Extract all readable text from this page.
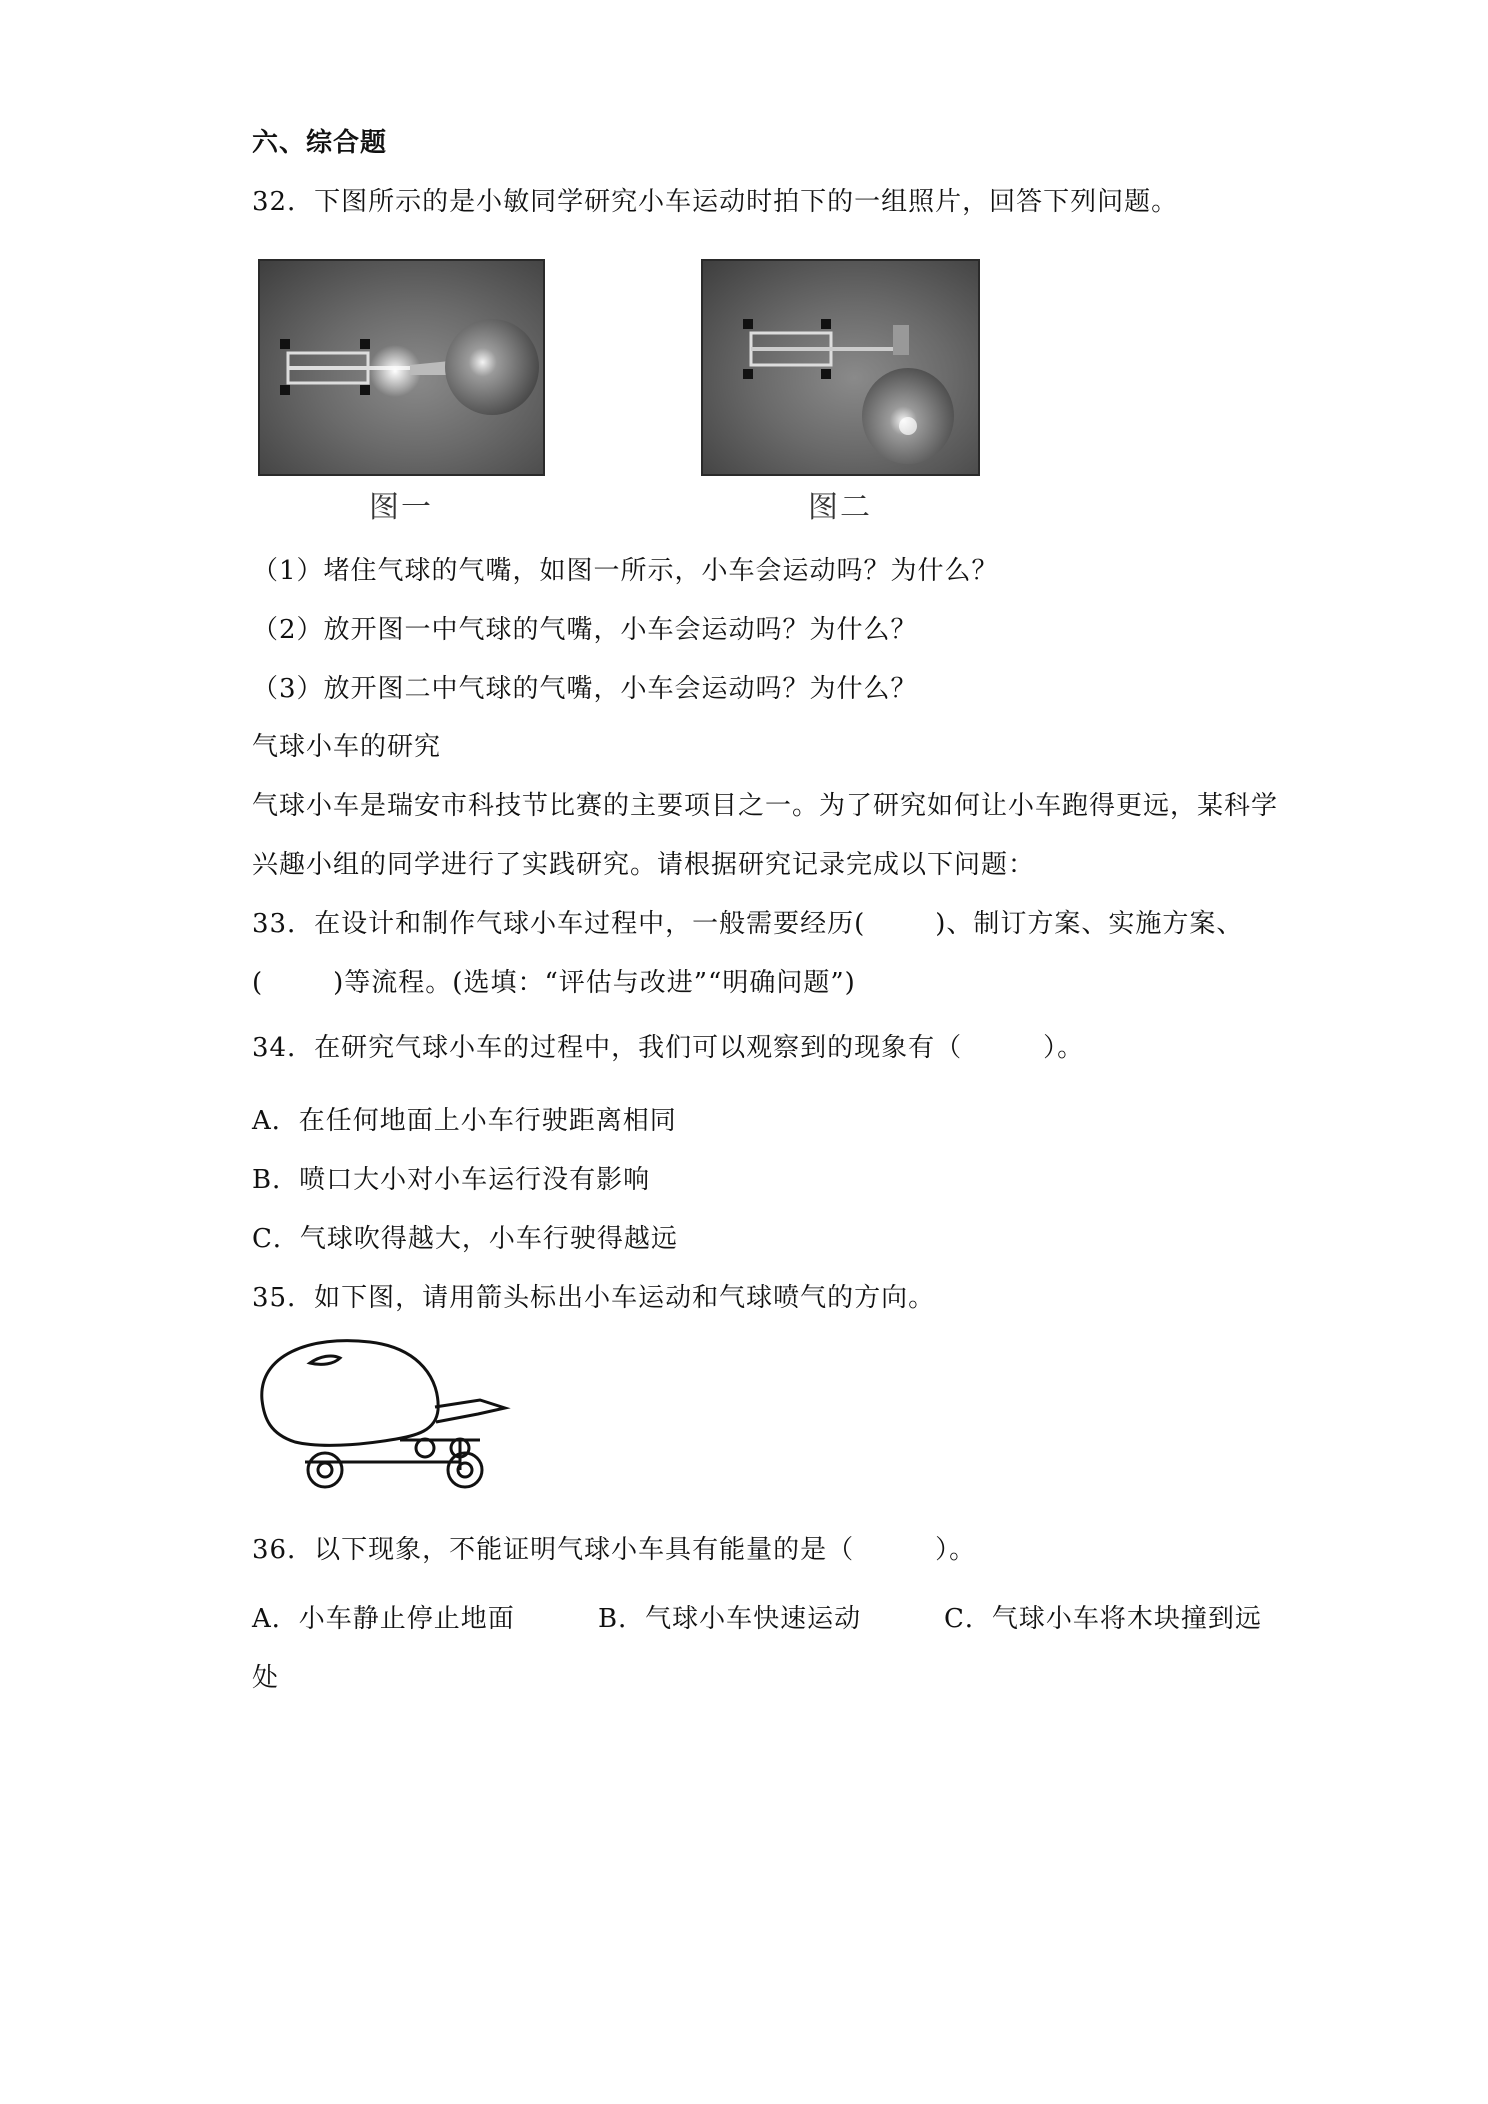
六、综合题
32．下图所示的是小敏同学研究小车运动时拍下的一组照片，回答下列问题。
图一	图二
（1）堵住气球的气嘴，如图一所示，小车会运动吗？为什么？
（2）放开图一中气球的气嘴，小车会运动吗？为什么？
（3）放开图二中气球的气嘴，小车会运动吗？为什么？
气球小车的研究
气球小车是瑞安市科技节比赛的主要项目之一。为了研究如何让小车跑得更远，某科学
兴趣小组的同学进行了实践研究。请根据研究记录完成以下问题：
33．在设计和制作气球小车过程中，一般需要经历(	)、制订方案、实施方案、
(	)等流程。(选填：“评估与改进”“明确问题”)
34．在研究气球小车的过程中，我们可以观察到的现象有（　　　）。
A．在任何地面上小车行驶距离相同
B．喷口大小对小车运行没有影响
C．气球吹得越大，小车行驶得越远
35．如下图，请用箭头标出小车运动和气球喷气的方向。
36．以下现象，不能证明气球小车具有能量的是（　　　）。
A．小车静止停止地面	B．气球小车快速运动	C．气球小车将木块撞到远
处
